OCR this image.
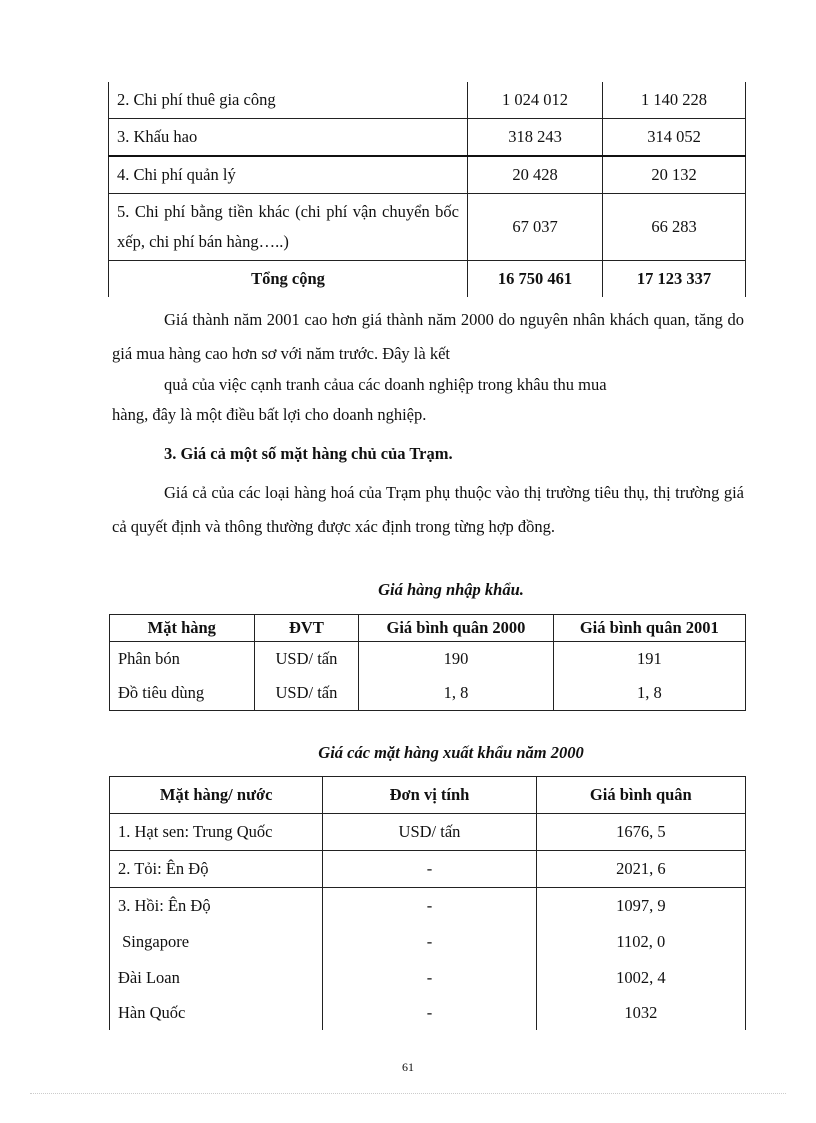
2. Chi phí thuê gia công	1 024 012	1 140 228
3. Khấu hao	318 243	314 052
4. Chi phí quản lý	20 428	20 132
5. Chi phí bằng tiền khác (chi phí vận chuyển bốc xếp, chi phí bán hàng…..)	67 037	66 283
Tổng cộng	16 750 461	17 123 337
Giá thành năm 2001 cao hơn giá thành năm 2000 do nguyên nhân khách quan, tăng do giá mua hàng cao hơn sơ với năm trước. Đây là kết
quả của việc cạnh tranh cảua các doanh nghiệp trong khâu thu mua
hàng, đây là một điều bất lợi cho doanh nghiệp.
3. Giá cả một số mặt hàng chủ của Trạm.
Giá cả của các loại hàng hoá của Trạm phụ thuộc vào thị trường tiêu thụ, thị trường giá cả quyết định và thông thường được xác định trong từng hợp đồng.
Giá hàng nhập khẩu.
Mặt hàng	ĐVT	Giá bình quân 2000	Giá bình quân 2001
Phân bón	USD/ tấn	190	191
Đồ tiêu dùng	USD/ tấn	1, 8	1, 8
Giá các mặt hàng xuất khẩu năm 2000
Mặt hàng/ nước	Đơn vị tính	Giá bình quân
1. Hạt sen: Trung Quốc	USD/ tấn	1676, 5
2. Tỏi: Ên Độ	-	2021, 6
3. Hồi: Ên Độ	-	1097, 9
Singapore	-	1102, 0
Đài Loan	-	1002, 4
Hàn Quốc	-	1032
61
